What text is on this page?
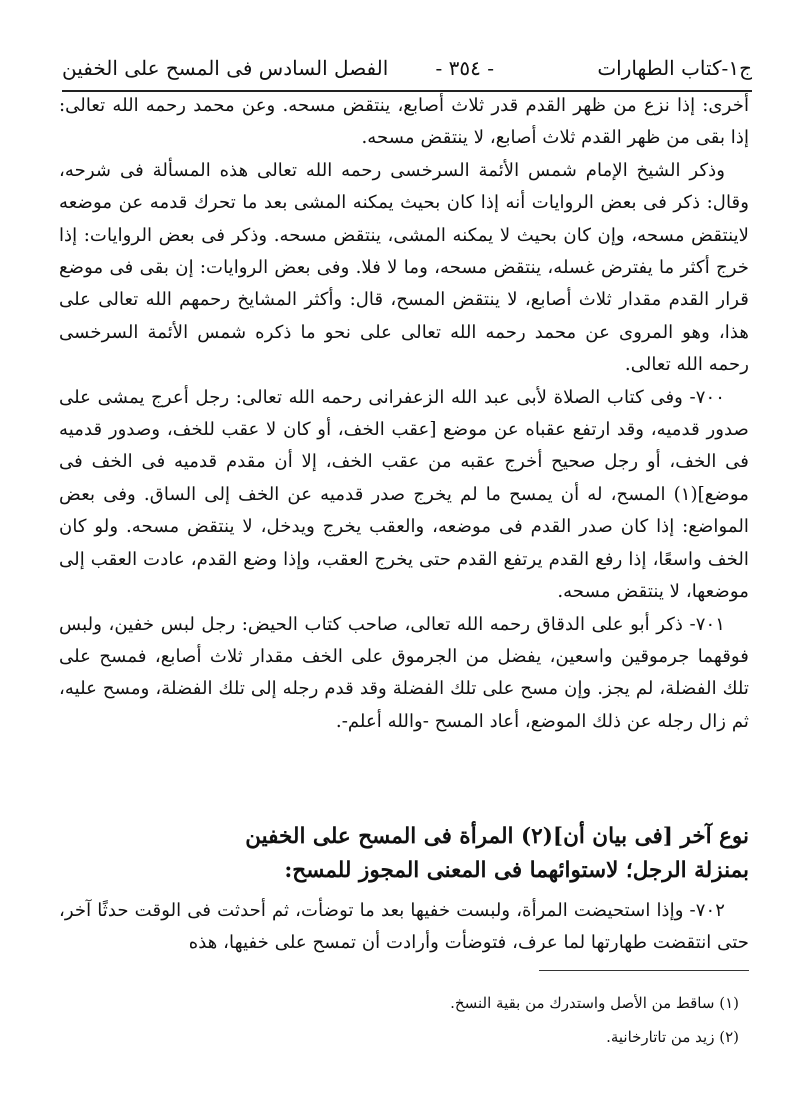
ج١-كتاب الطهارات
- ٣٥٤ -
الفصل السادس فى المسح على الخفين

أخرى: إذا نزع من ظهر القدم قدر ثلاث أصابع، ينتقض مسحه. وعن محمد رحمه الله تعالى: إذا بقى من ظهر القدم ثلاث أصابع، لا ينتقض مسحه.

وذكر الشيخ الإمام شمس الأئمة السرخسى رحمه الله تعالى هذه المسألة فى شرحه، وقال: ذكر فى بعض الروايات أنه إذا كان بحيث يمكنه المشى بعد ما تحرك قدمه عن موضعه لاينتقض مسحه، وإن كان بحيث لا يمكنه المشى، ينتقض مسحه. وذكر فى بعض الروايات: إذا خرج أكثر ما يفترض غسله، ينتقض مسحه، وما لا فلا. وفى بعض الروايات: إن بقى فى موضع قرار القدم مقدار ثلاث أصابع، لا ينتقض المسح، قال: وأكثر المشايخ رحمهم الله تعالى على هذا، وهو المروى عن محمد رحمه الله تعالى على نحو ما ذكره شمس الأئمة السرخسى رحمه الله تعالى.

٧٠٠- وفى كتاب الصلاة لأبى عبد الله الزعفرانى رحمه الله تعالى: رجل أعرج يمشى على صدور قدميه، وقد ارتفع عقباه عن موضع [عقب الخف، أو كان لا عقب للخف، وصدور قدميه فى الخف، أو رجل صحيح أخرج عقبه من عقب الخف، إلا أن مقدم قدميه فى الخف فى موضع](١) المسح، له أن يمسح ما لم يخرج صدر قدميه عن الخف إلى الساق. وفى بعض المواضع: إذا كان صدر القدم فى موضعه، والعقب يخرج ويدخل، لا ينتقض مسحه. ولو كان الخف واسعًا، إذا رفع القدم يرتفع القدم حتى يخرج العقب، وإذا وضع القدم، عادت العقب إلى موضعها، لا ينتقض مسحه.

٧٠١- ذكر أبو على الدقاق رحمه الله تعالى، صاحب كتاب الحيض: رجل لبس خفين، ولبس فوقهما جرموقين واسعين، يفضل من الجرموق على الخف مقدار ثلاث أصابع، فمسح على تلك الفضلة، لم يجز. وإن مسح على تلك الفضلة وقد قدم رجله إلى تلك الفضلة، ومسح عليه، ثم زال رجله عن ذلك الموضع، أعاد المسح -والله أعلم-.

نوع آخر [فى بيان أن](٢) المرأة فى المسح على الخفين

بمنزلة الرجل؛ لاستوائهما فى المعنى المجوز للمسح:

٧٠٢- وإذا استحيضت المرأة، ولبست خفيها بعد ما توضأت، ثم أحدثت فى الوقت حدثًا آخر، حتى انتقضت طهارتها لما عرف، فتوضأت وأرادت أن تمسح على خفيها، هذه

(١) ساقط من الأصل واستدرك من بقية النسخ.

(٢) زيد من تاتارخانية.
